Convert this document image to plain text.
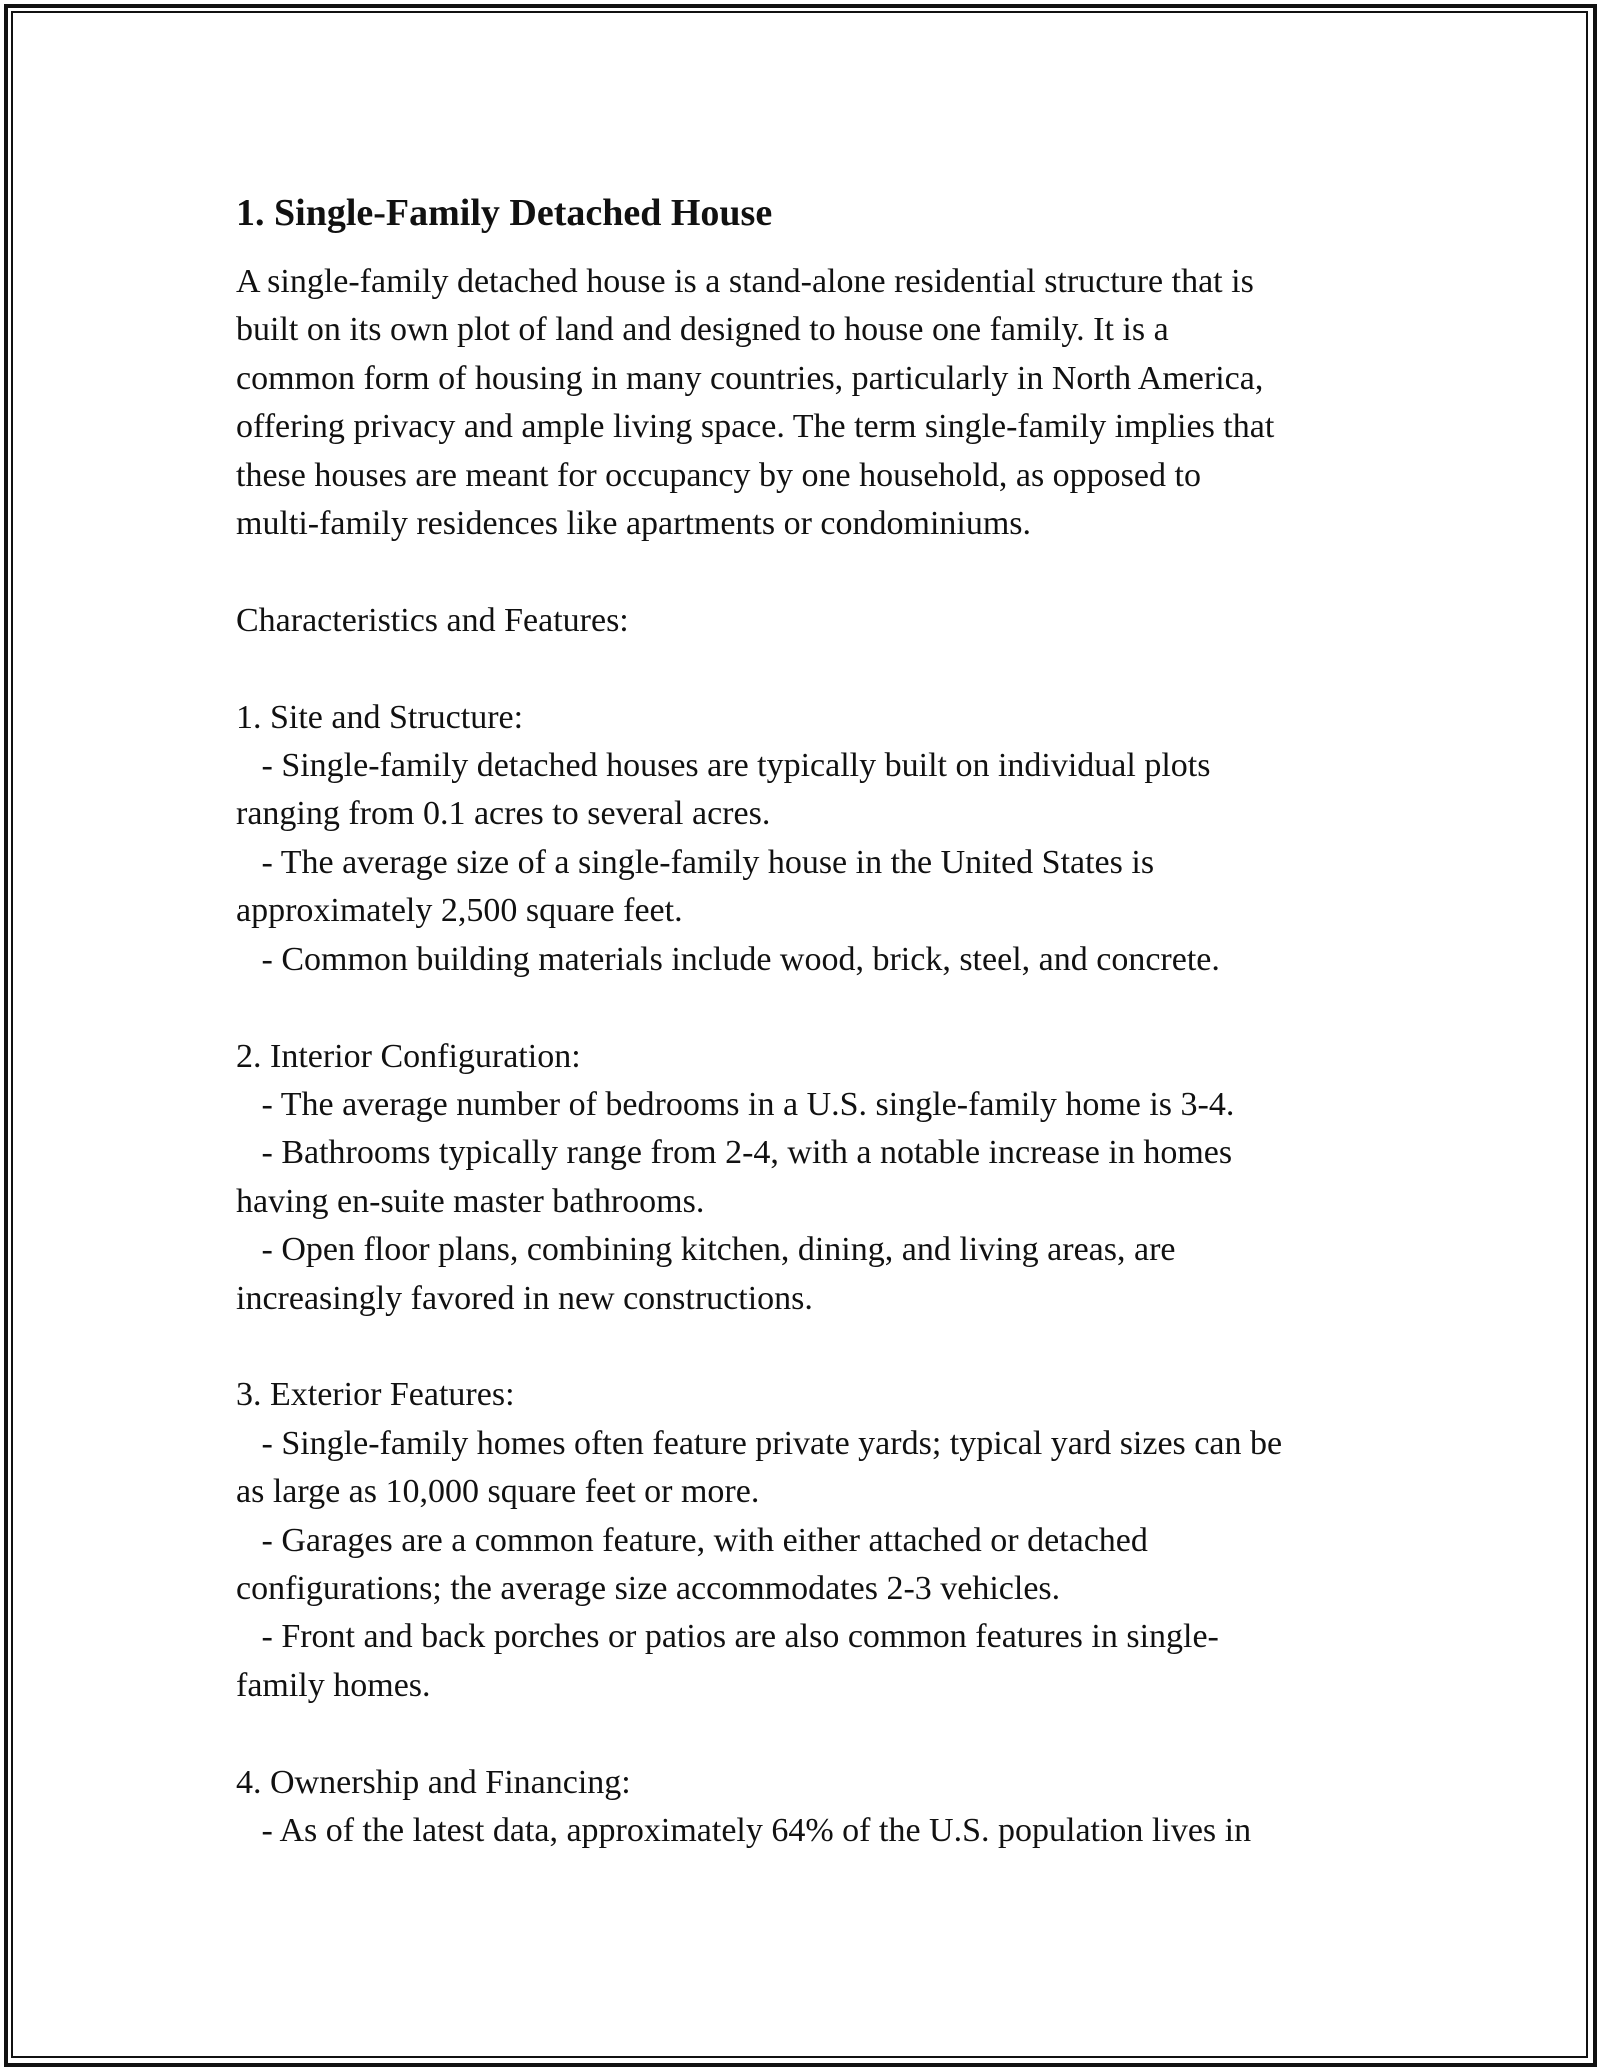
1. Single-Family Detached House
A single-family detached house is a stand-alone residential structure that is
built on its own plot of land and designed to house one family. It is a
common form of housing in many countries, particularly in North America,
offering privacy and ample living space. The term single-family implies that
these houses are meant for occupancy by one household, as opposed to
multi-family residences like apartments or condominiums.

Characteristics and Features:

1. Site and Structure:
- Single-family detached houses are typically built on individual plots
ranging from 0.1 acres to several acres.
- The average size of a single-family house in the United States is
approximately 2,500 square feet.
- Common building materials include wood, brick, steel, and concrete.

2. Interior Configuration:
- The average number of bedrooms in a U.S. single-family home is 3-4.
- Bathrooms typically range from 2-4, with a notable increase in homes
having en-suite master bathrooms.
- Open floor plans, combining kitchen, dining, and living areas, are
increasingly favored in new constructions.

3. Exterior Features:
- Single-family homes often feature private yards; typical yard sizes can be
as large as 10,000 square feet or more.
- Garages are a common feature, with either attached or detached
configurations; the average size accommodates 2-3 vehicles.
- Front and back porches or patios are also common features in single-
family homes.

4. Ownership and Financing:
- As of the latest data, approximately 64% of the U.S. population lives in
